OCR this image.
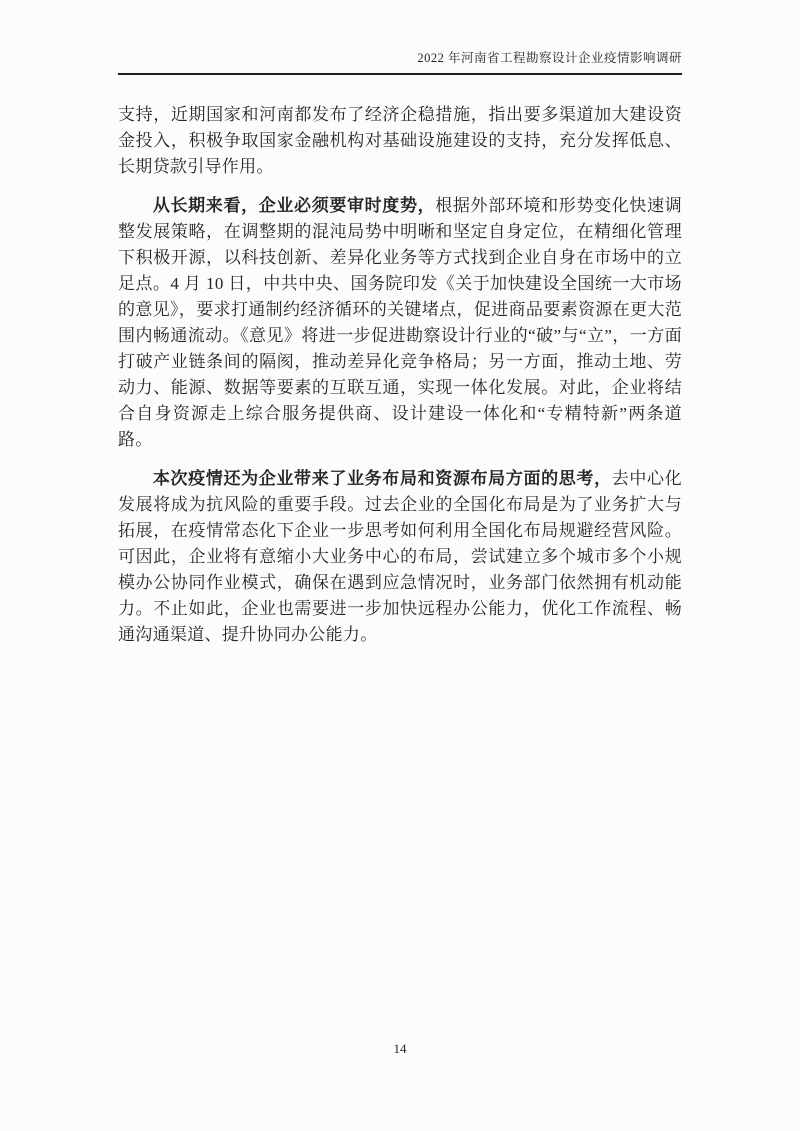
2022 年河南省工程勘察设计企业疫情影响调研

支持，近期国家和河南都发布了经济企稳措施，指出要多渠道加大建设资金投入，积极争取国家金融机构对基础设施建设的支持，充分发挥低息、长期贷款引导作用。

从长期来看，企业必须要审时度势，根据外部环境和形势变化快速调整发展策略，在调整期的混沌局势中明晰和坚定自身定位，在精细化管理下积极开源，以科技创新、差异化业务等方式找到企业自身在市场中的立足点。4 月 10 日，中共中央、国务院印发《关于加快建设全国统一大市场的意见》，要求打通制约经济循环的关键堵点，促进商品要素资源在更大范围内畅通流动。《意见》将进一步促进勘察设计行业的“破”与“立”，一方面打破产业链条间的隔阂，推动差异化竞争格局；另一方面，推动土地、劳动力、能源、数据等要素的互联互通，实现一体化发展。对此，企业将结合自身资源走上综合服务提供商、设计建设一体化和“专精特新”两条道路。

本次疫情还为企业带来了业务布局和资源布局方面的思考，去中心化发展将成为抗风险的重要手段。过去企业的全国化布局是为了业务扩大与拓展，在疫情常态化下企业一步思考如何利用全国化布局规避经营风险。可因此，企业将有意缩小大业务中心的布局，尝试建立多个城市多个小规模办公协同作业模式，确保在遇到应急情况时，业务部门依然拥有机动能力。不止如此，企业也需要进一步加快远程办公能力，优化工作流程、畅通沟通渠道、提升协同办公能力。

14
